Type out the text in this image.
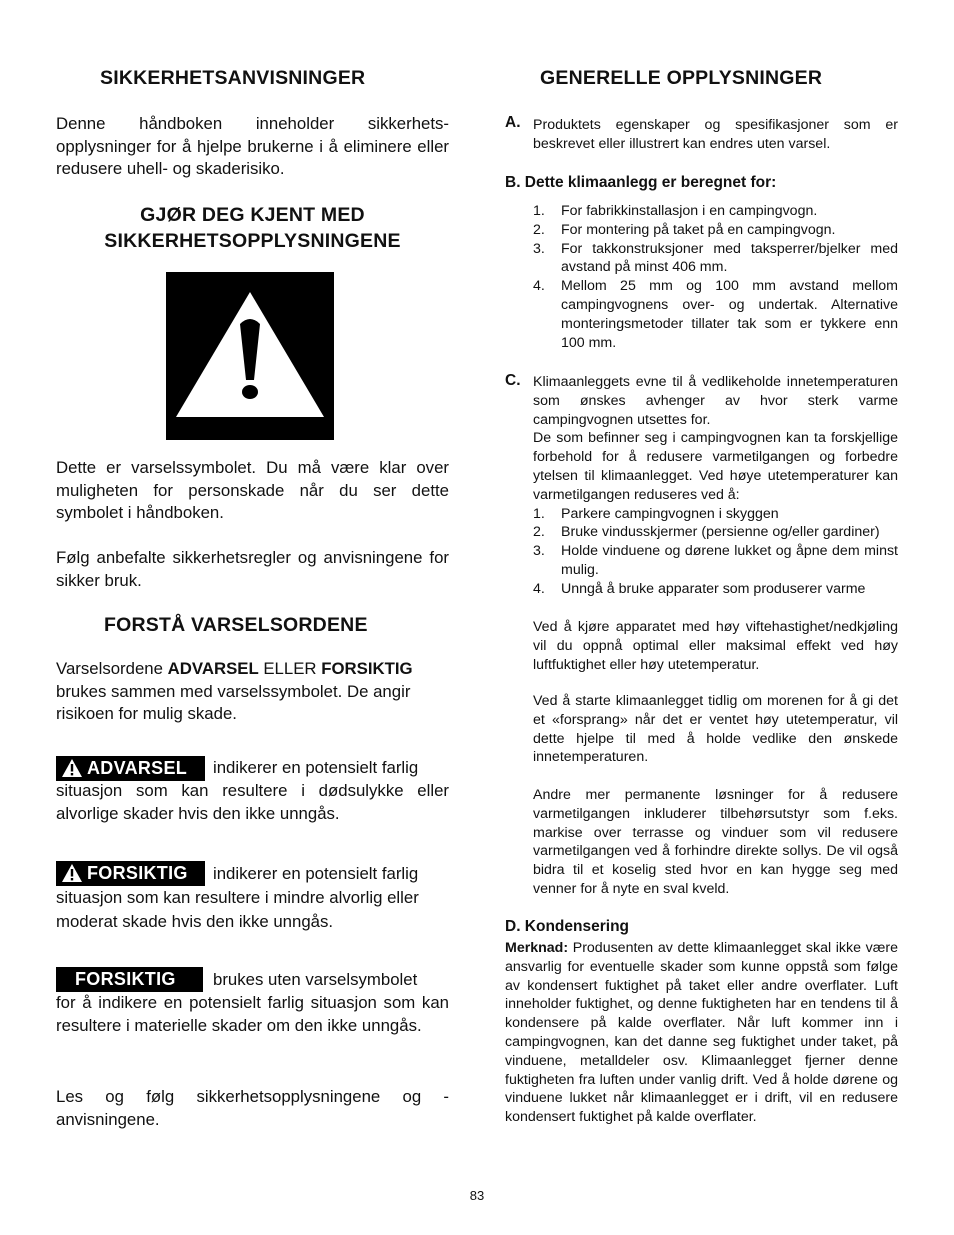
SIKKERHETSANVISNINGER

Denne håndboken inneholder sikkerhets-opplysninger for å hjelpe brukerne i å eliminere eller redusere uhell- og skaderisiko.

GJØR DEG KJENT MED
SIKKERHETSOPPLYSNINGENE

Dette er varselssymbolet. Du må være klar over muligheten for personskade når du ser dette symbolet i håndboken.

Følg anbefalte sikkerhetsregler og anvisningene for sikker bruk.

FORSTÅ VARSELSORDENE

Varselsordene ADVARSEL ELLER FORSIKTIG brukes sammen med varselssymbolet. De angir risikoen for mulig skade.

ADVARSEL indikerer en potensielt farlig

situasjon som kan resultere i dødsulykke eller alvorlige skader hvis den ikke unngås.

FORSIKTIG indikerer en potensielt farlig

situasjon som kan resultere i mindre alvorlig eller

moderat skade hvis den ikke unngås.

FORSIKTIG brukes uten varselsymbolet

for å indikere en potensielt farlig situasjon som kan resultere i materielle skader om den ikke unngås.

Les og følg sikkerhetsopplysningene og -anvisningene.

GENERELLE OPPLYSNINGER
A. Produktets egenskaper og spesifikasjoner som er beskrevet eller illustrert kan endres uten varsel.

B. Dette klimaanlegg er beregnet for:

1. For fabrikkinstallasjon i en campingvogn.
2. For montering på taket på en campingvogn.
3. For takkonstruksjoner med taksperrer/bjelker med avstand på minst 406 mm.
4. Mellom 25 mm og 100 mm avstand mellom campingvognens over- og undertak. Alternative monteringsmetoder tillater tak som er tykkere enn 100 mm.
C. Klimaanleggets evne til å vedlikeholde innetemperaturen som ønskes avhenger av hvor sterk varme campingvognen utsettes for.

De som befinner seg i campingvognen kan ta forskjellige forbehold for å redusere varmetilgangen og forbedre ytelsen til klimaanlegget. Ved høye utetemperaturer kan varmetilgangen reduseres ved å:

1. Parkere campingvognen i skyggen
2. Bruke vindusskjermer (persienne og/eller gardiner)
3. Holde vinduene og dørene lukket og åpne dem minst mulig.
4. Unngå å bruke apparater som produserer varme

Ved å kjøre apparatet med høy viftehastighet/nedkjøling vil du oppnå optimal eller maksimal effekt ved høy luftfuktighet eller høy utetemperatur.

Ved å starte klimaanlegget tidlig om morenen for å gi det et «forsprang» når det er ventet høy utetemperatur, vil dette hjelpe til med å holde vedlike den ønskede innetemperaturen.

Andre mer permanente løsninger for å redusere varmetilgangen inkluderer tilbehørsutstyr som f.eks. markise over terrasse og vinduer som vil redusere varmetilgangen ved å forhindre direkte sollys. De vil også bidra til et koselig sted hvor en kan hygge seg med venner for å nyte en sval kveld.

D. Kondensering

Merknad: Produsenten av dette klimaanlegget skal ikke være ansvarlig for eventuelle skader som kunne oppstå som følge av kondensert fuktighet på taket eller andre overflater. Luft inneholder fuktighet, og denne fuktigheten har en tendens til å kondensere på kalde overflater. Når luft kommer inn i campingvognen, kan det danne seg fuktighet under taket, på vinduene, metalldeler osv. Klimaanlegget fjerner denne fuktigheten fra luften under vanlig drift. Ved å holde dørene og vinduene lukket når klimaanlegget er i drift, vil en redusere kondensert fuktighet på kalde overflater.

83
